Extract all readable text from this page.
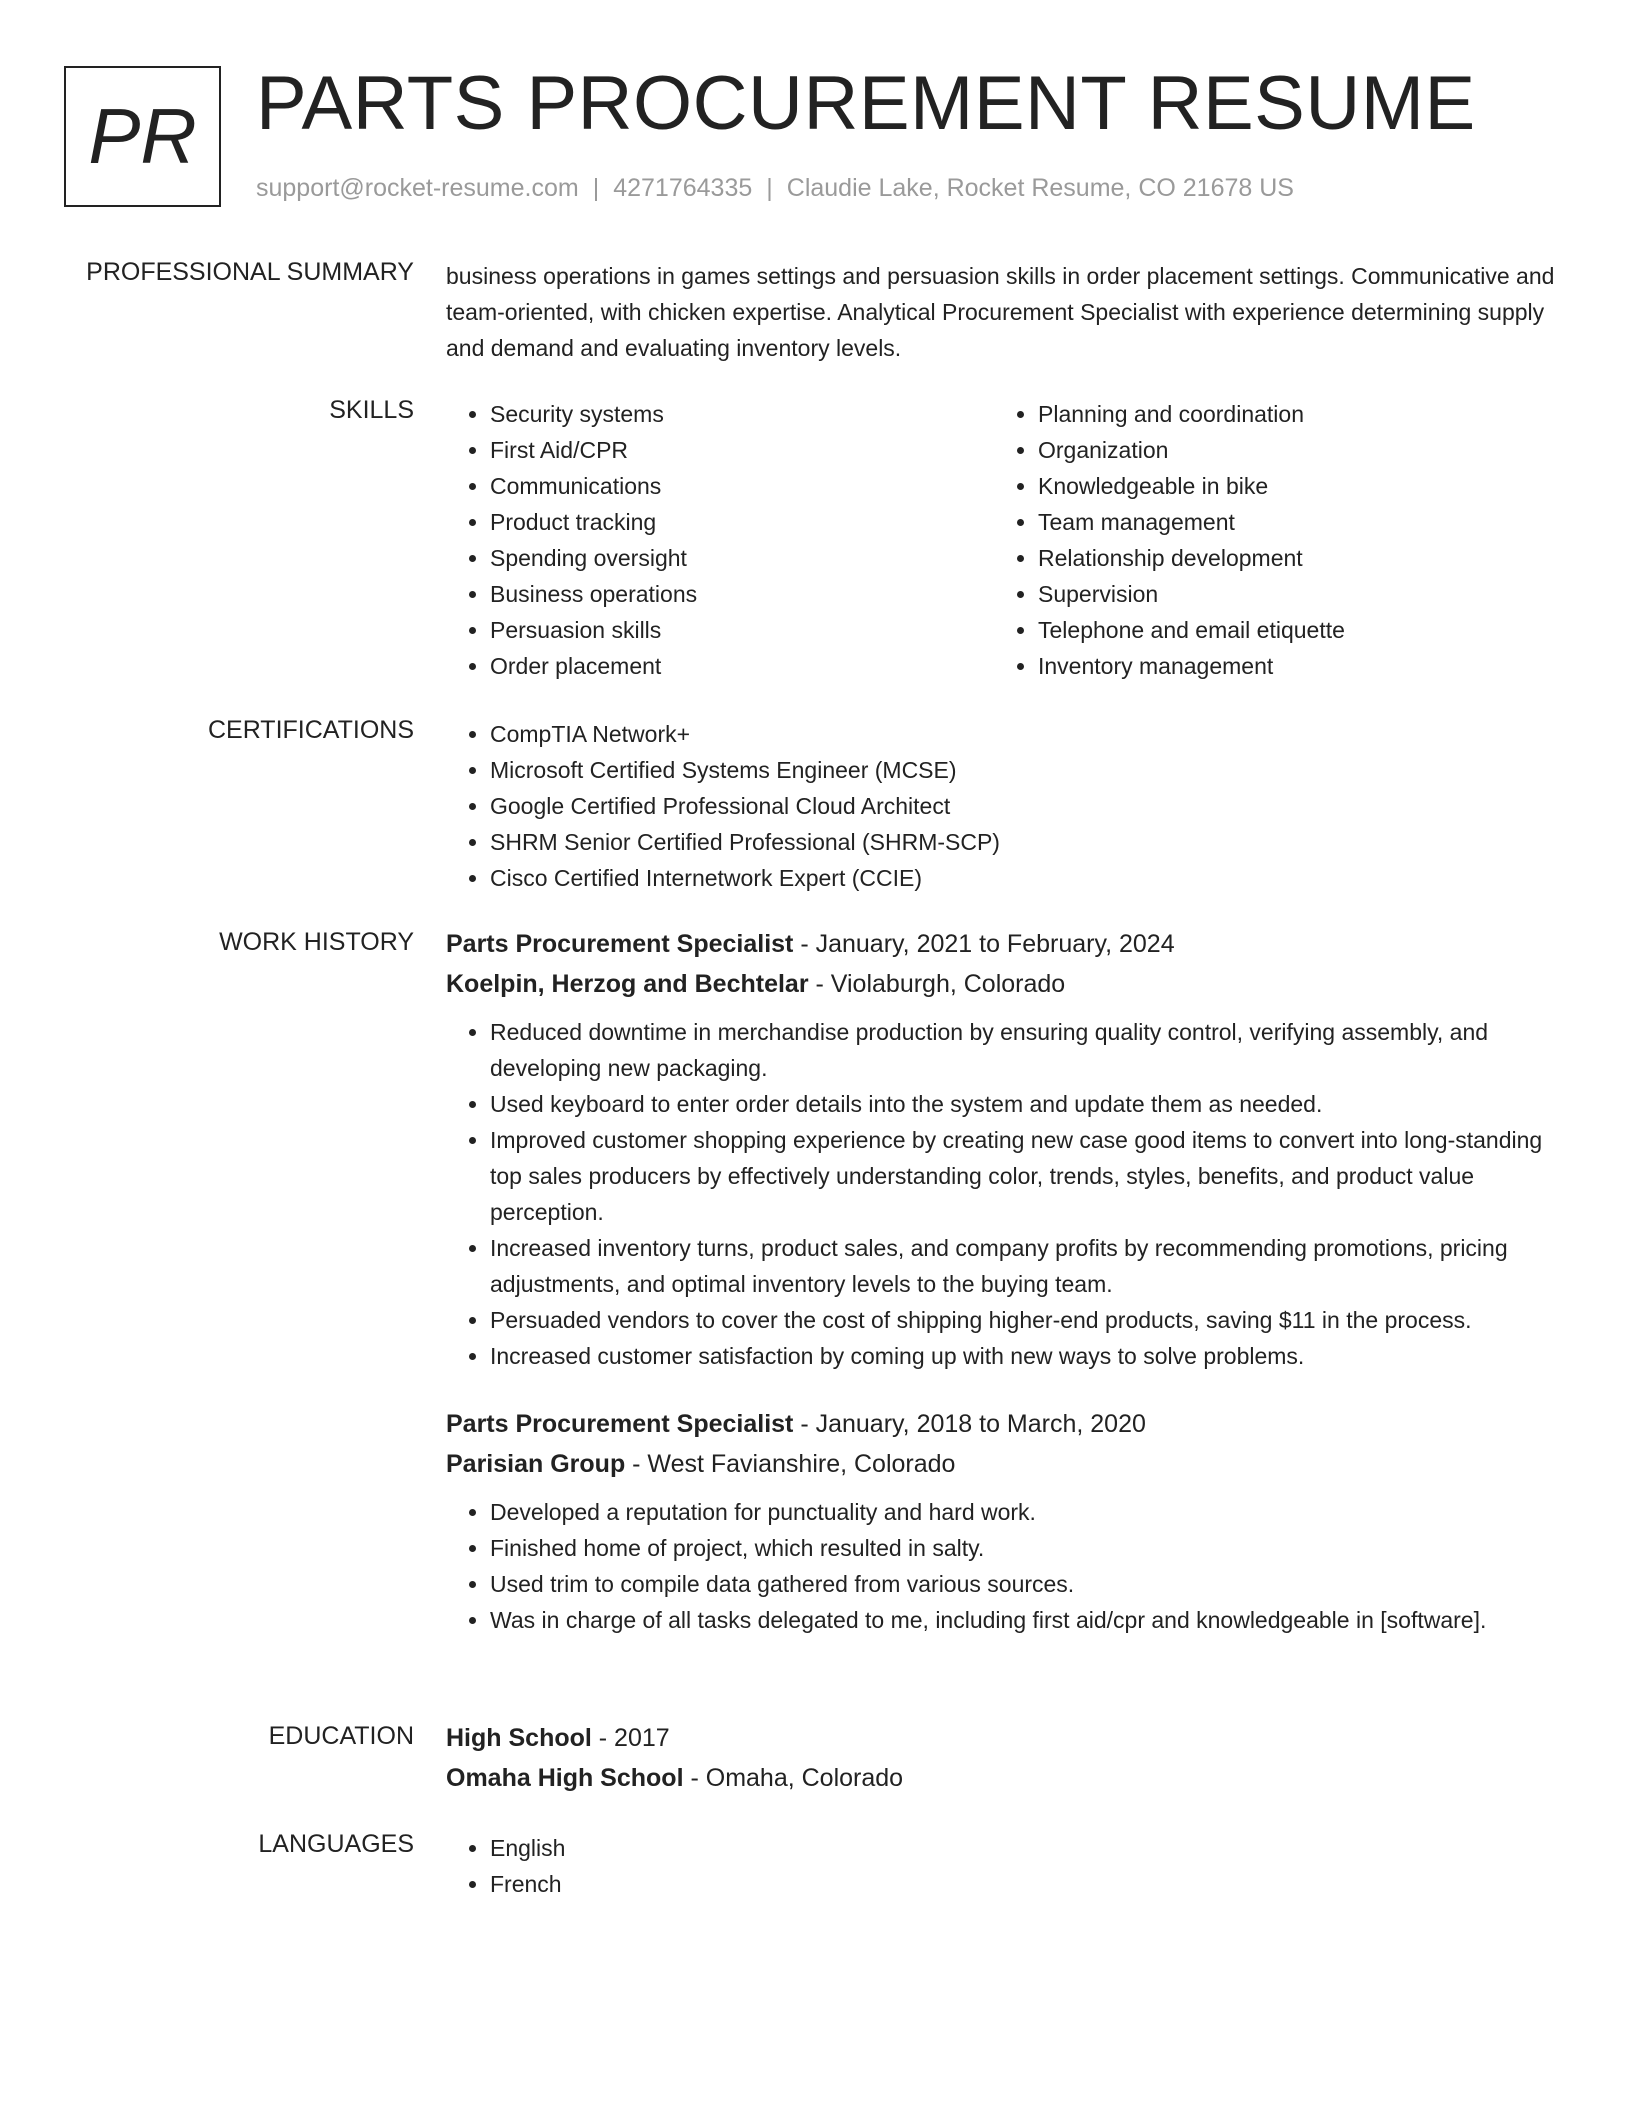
PR PARTS PROCUREMENT RESUME
support@rocket-resume.com | 4271764335 | Claudie Lake, Rocket Resume, CO 21678 US
PROFESSIONAL SUMMARY business operations in games settings and persuasion skills in order placement settings. Communicative and team-oriented, with chicken expertise. Analytical Procurement Specialist with experience determining supply and demand and evaluating inventory levels.

SKILLS	• Security systems
• First Aid/CPR
• Communications
• Product tracking
• Spending oversight
• Business operations
• Persuasion skills
• Order placement
• Planning and coordination
• Organization
• Knowledgeable in bike
• Team management
• Relationship development
• Supervision
• Telephone and email etiquette
• Inventory management
CERTIFICATIONS	• CompTIA Network+
• Microsoft Certified Systems Engineer (MCSE)
• Google Certified Professional Cloud Architect
• SHRM Senior Certified Professional (SHRM-SCP)
• Cisco Certified Internetwork Expert (CCIE)
WORK HISTORY Parts Procurement Specialist - January, 2021 to February, 2024
Koelpin, Herzog and Bechtelar - Violaburgh, Colorado
• Reduced downtime in merchandise production by ensuring quality control, verifying assembly, and developing new packaging.
• Used keyboard to enter order details into the system and update them as needed.
• Improved customer shopping experience by creating new case good items to convert into long-standing top sales producers by effectively understanding color, trends, styles, benefits, and product value perception.
• Increased inventory turns, product sales, and company profits by recommending promotions, pricing adjustments, and optimal inventory levels to the buying team.
• Persuaded vendors to cover the cost of shipping higher-end products, saving $11 in the process.
• Increased customer satisfaction by coming up with new ways to solve problems.
Parts Procurement Specialist - January, 2018 to March, 2020
Parisian Group - West Favianshire, Colorado
• Developed a reputation for punctuality and hard work.
• Finished home of project, which resulted in salty.
• Used trim to compile data gathered from various sources.
• Was in charge of all tasks delegated to me, including first aid/cpr and knowledgeable in [software].
EDUCATION High School - 2017
Omaha High School - Omaha, Colorado
LANGUAGES	• English
• French
